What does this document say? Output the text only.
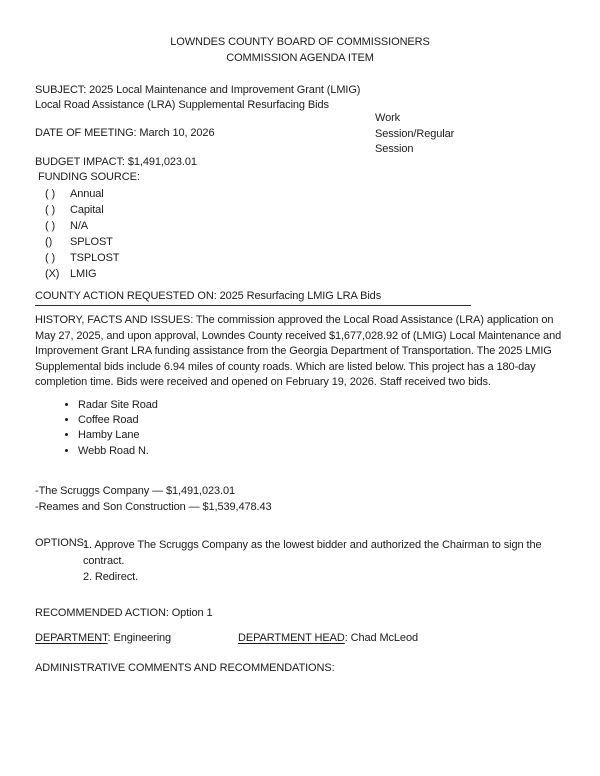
LOWNDES COUNTY BOARD OF COMMISSIONERS
COMMISSION AGENDA ITEM
SUBJECT: 2025 Local Maintenance and Improvement Grant (LMIG)
Local Road Assistance (LRA) Supplemental Resurfacing Bids
Work Session/Regular Session
DATE OF MEETING: March 10, 2026
BUDGET IMPACT: $1,491,023.01
FUNDING SOURCE:
( ) Annual
( ) Capital
( ) N/A
() SPLOST
( ) TSPLOST
(X) LMIG
COUNTY ACTION REQUESTED ON: 2025 Resurfacing LMIG LRA Bids
HISTORY, FACTS AND ISSUES: The commission approved the Local Road Assistance (LRA) application on May 27, 2025, and upon approval, Lowndes County received $1,677,028.92 of (LMIG) Local Maintenance and Improvement Grant LRA funding assistance from the Georgia Department of Transportation. The 2025 LMIG Supplemental bids include 6.94 miles of county roads. Which are listed below. This project has a 180-day completion time. Bids were received and opened on February 19, 2026. Staff received two bids.
• Radar Site Road
• Coffee Road
• Hamby Lane
• Webb Road N.
-The Scruggs Company — $1,491,023.01
-Reames and Son Construction — $1,539,478.43
OPTIONS:
1. Approve The Scruggs Company as the lowest bidder and authorized the Chairman to sign the
contract.
2. Redirect.
RECOMMENDED ACTION: Option 1
DEPARTMENT: Engineering	DEPARTMENT HEAD: Chad McLeod
ADMINISTRATIVE COMMENTS AND RECOMMENDATIONS:
